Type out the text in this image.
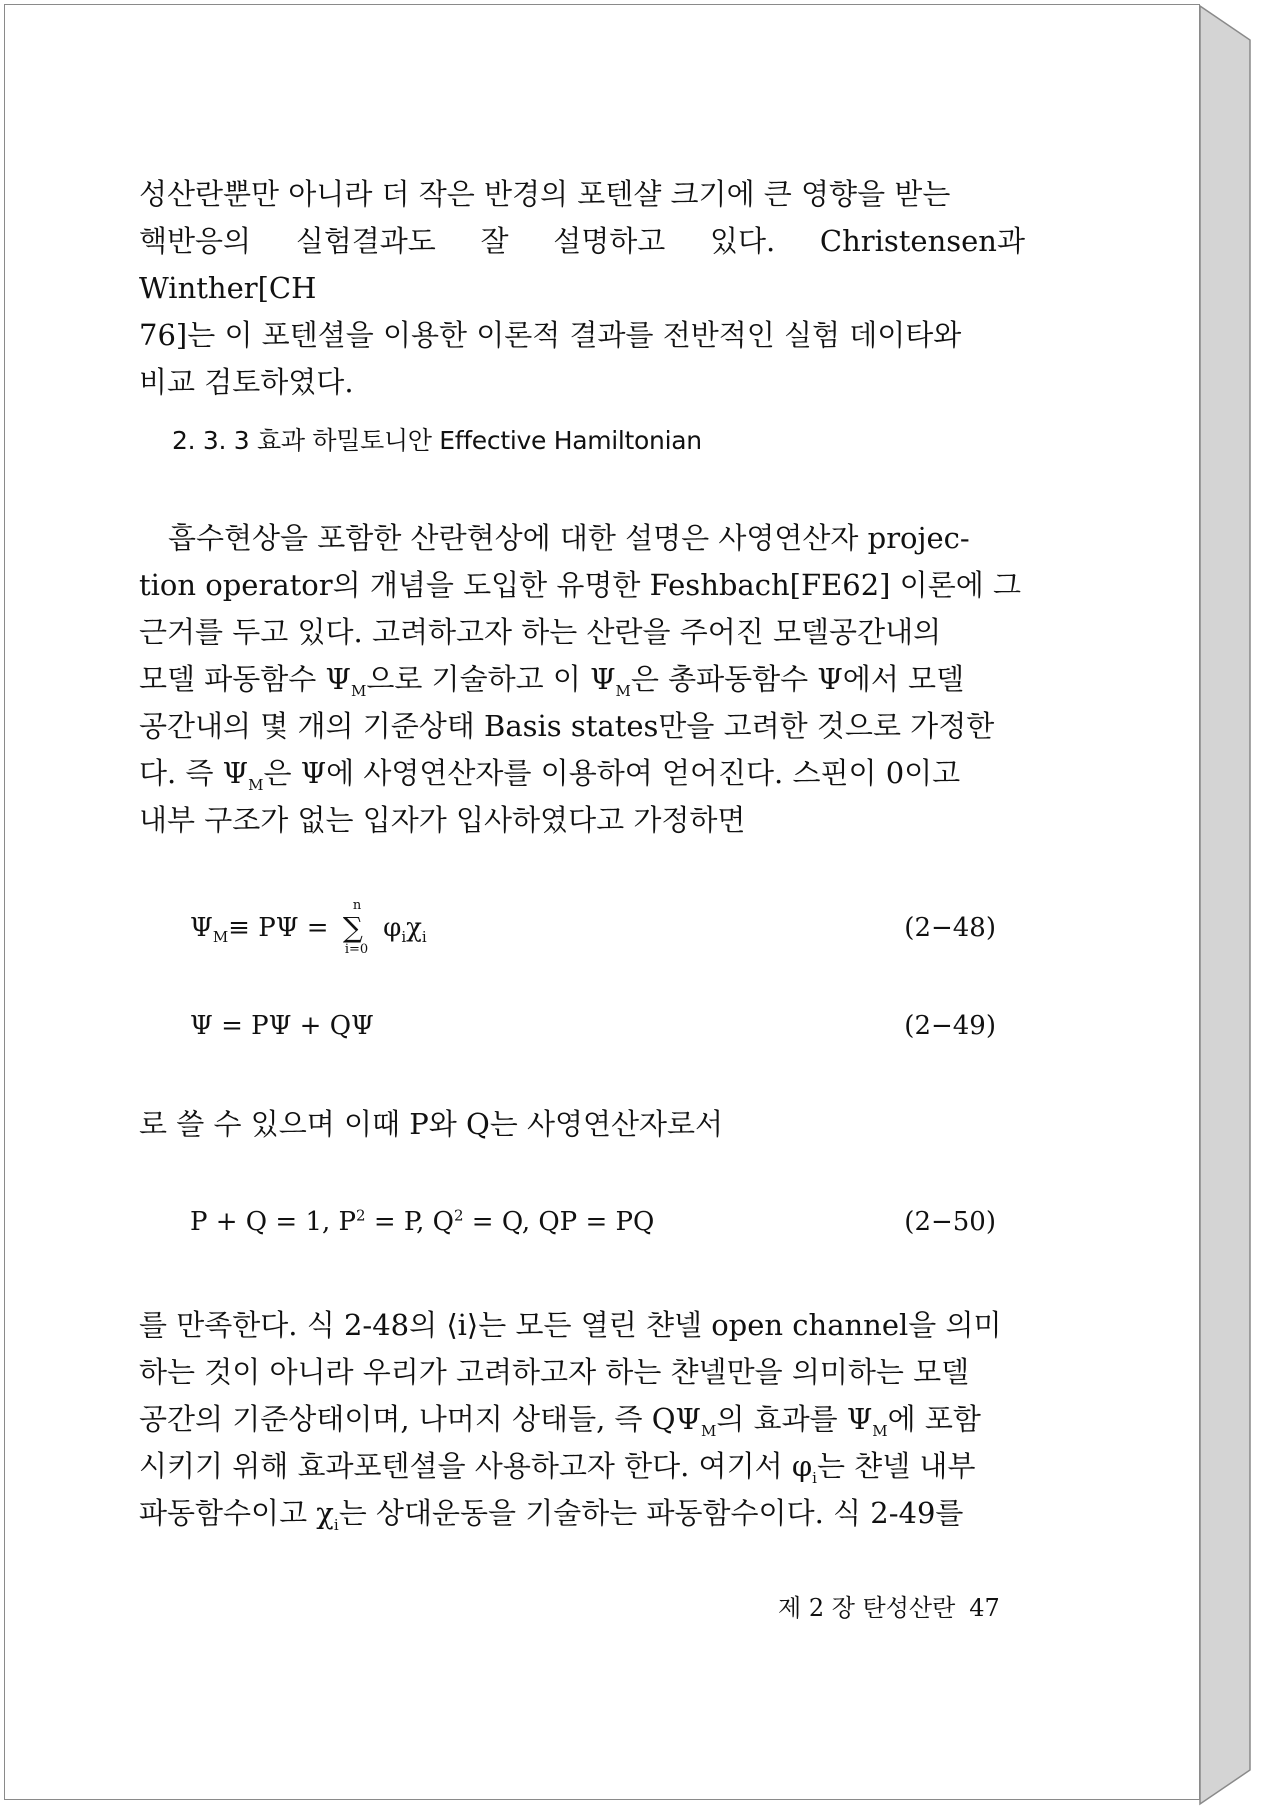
성산란뿐만 아니라 더 작은 반경의 포텐샬 크기에 큰 영향을 받는
핵반응의 실험결과도 잘 설명하고 있다. Christensen과 Winther[CH
76]는 이 포텐셜을 이용한 이론적 결과를 전반적인 실험 데이타와
비교 검토하였다.
2. 3. 3 효과 하밀토니안 Effective Hamiltonian
흡수현상을 포함한 산란현상에 대한 설명은 사영연산자 projec-
tion operator의 개념을 도입한 유명한 Feshbach[FE62] 이론에 그
근거를 두고 있다. 고려하고자 하는 산란을 주어진 모델공간내의
모델 파동함수 $\Psi_M$으로 기술하고 이 $\Psi_M$은 총파동함수 Ψ에서 모델
공간내의 몇 개의 기준상태 Basis states만을 고려한 것으로 가정한
다. 즉 $\Psi_M$은 Ψ에 사영연산자를 이용하여 얻어진다. 스핀이 0이고
내부 구조가 없는 입자가 입사하였다고 가정하면
$\Psi_M\equiv P\Psi$ =
n
∑
i=0
$\varphi_i\chi_i$	(2−48)
Ψ = PΨ + QΨ	(2−49)
로 쓸 수 있으며 이때 P와 Q는 사영연산자로서
P + Q = 1, $P^2 = P$, $Q^2 = Q$, QP = PQ	(2−50)
를 만족한다. 식 2-48의 ⟨i⟩는 모든 열린 챤넬 open channel을 의미
하는 것이 아니라 우리가 고려하고자 하는 챤넬만을 의미하는 모델
공간의 기준상태이며, 나머지 상태들, 즉 $Q\Psi_M$의 효과를 $\Psi_M$에 포함
시키기 위해 효과포텐셜을 사용하고자 한다. 여기서 $\varphi_i$는 챤넬 내부
파동함수이고 $\chi_i$는 상대운동을 기술하는 파동함수이다. 식 2-49를
제 2 장 탄성산란 47
